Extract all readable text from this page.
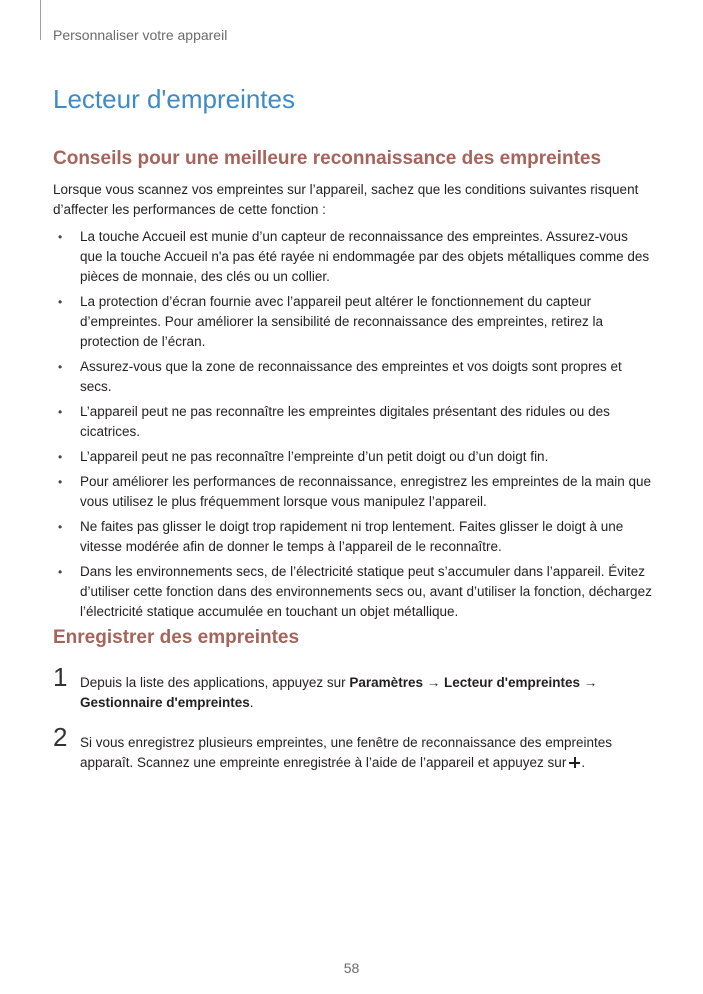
Personnaliser votre appareil
Lecteur d'empreintes
Conseils pour une meilleure reconnaissance des empreintes

Lorsque vous scannez vos empreintes sur l’appareil, sachez que les conditions suivantes risquent d’affecter les performances de cette fonction :

• La touche Accueil est munie d’un capteur de reconnaissance des empreintes. Assurez-vous que la touche Accueil n'a pas été rayée ni endommagée par des objets métalliques comme des pièces de monnaie, des clés ou un collier.
• La protection d’écran fournie avec l’appareil peut altérer le fonctionnement du capteur d’empreintes. Pour améliorer la sensibilité de reconnaissance des empreintes, retirez la protection de l’écran.
• Assurez-vous que la zone de reconnaissance des empreintes et vos doigts sont propres et secs.
• L’appareil peut ne pas reconnaître les empreintes digitales présentant des ridules ou des cicatrices.
• L’appareil peut ne pas reconnaître l’empreinte d’un petit doigt ou d’un doigt fin.
• Pour améliorer les performances de reconnaissance, enregistrez les empreintes de la main que vous utilisez le plus fréquemment lorsque vous manipulez l’appareil.
• Ne faites pas glisser le doigt trop rapidement ni trop lentement. Faites glisser le doigt à une vitesse modérée afin de donner le temps à l’appareil de le reconnaître.
• Dans les environnements secs, de l’électricité statique peut s’accumuler dans l’appareil. Évitez d’utiliser cette fonction dans des environnements secs ou, avant d’utiliser la fonction, déchargez l’électricité statique accumulée en touchant un objet métallique.
Enregistrer des empreintes
1 Depuis la liste des applications, appuyez sur Paramètres → Lecteur d'empreintes →
Gestionnaire d'empreintes.
2 Si vous enregistrez plusieurs empreintes, une fenêtre de reconnaissance des empreintes apparaît. Scannez une empreinte enregistrée à l’aide de l’appareil et appuyez sur .
58
